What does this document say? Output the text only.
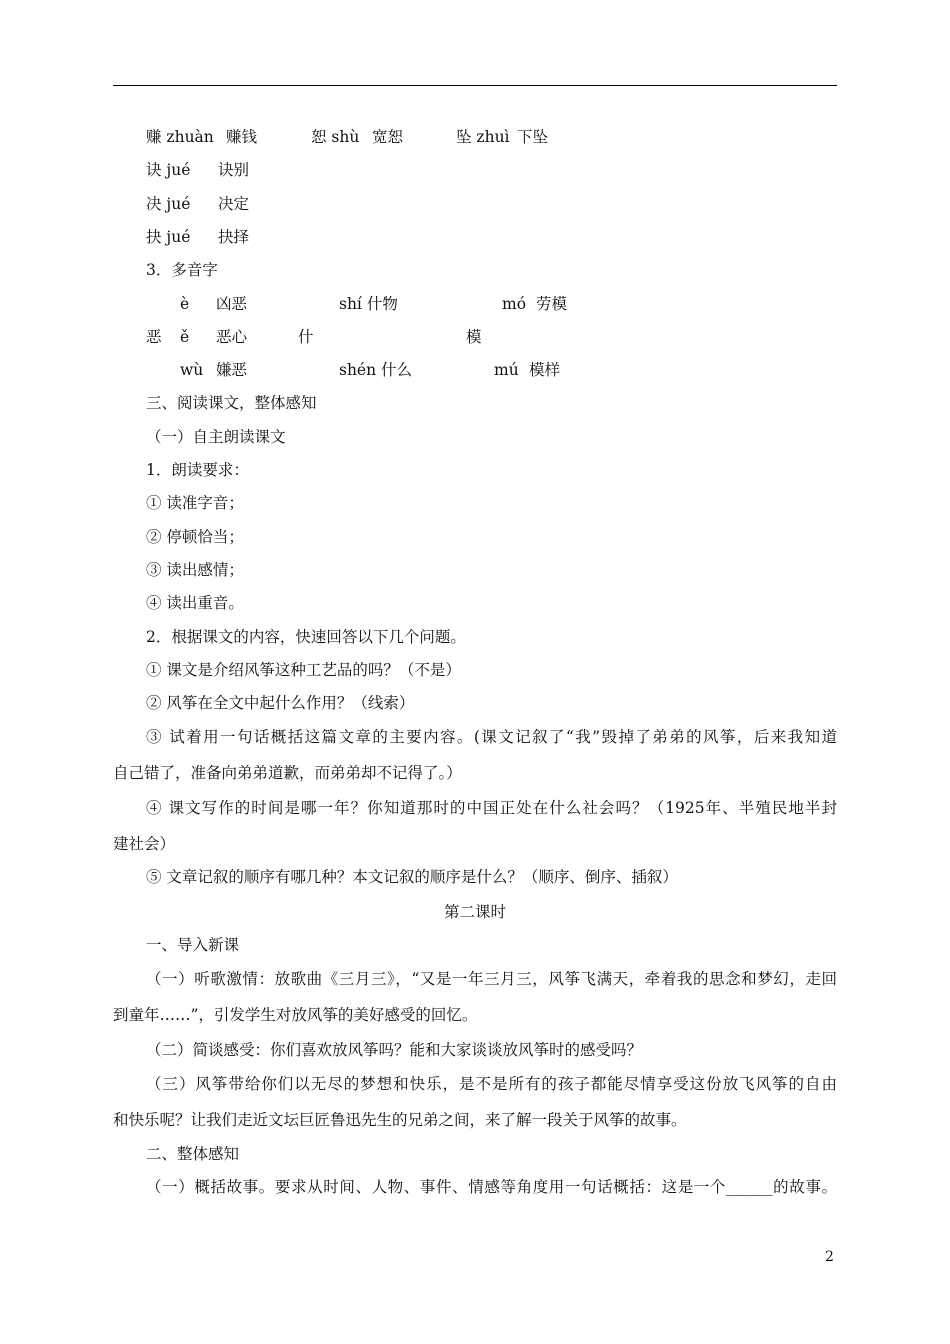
赚 zhuàn 赚钱	恕 shù 宽恕	坠 zhuì 下坠
诀 jué 诀别
决 jué 决定
抉 jué 抉择
3．多音字
è 凶恶	shí 什物	mó 劳模
恶 ě 恶心	什	模
wù 嫌恶	shén 什么	mú 模样
三、阅读课文，整体感知
（一）自主朗读课文
1．朗读要求：
① 读准字音；
② 停顿恰当；
③ 读出感情；
④ 读出重音。
2．根据课文的内容，快速回答以下几个问题。
① 课文是介绍风筝这种工艺品的吗？（不是）
② 风筝在全文中起什么作用？（线索）
③ 试着用一句话概括这篇文章的主要内容。(课文记叙了“我”毁掉了弟弟的风筝，后来我知道
自己错了，准备向弟弟道歉，而弟弟却不记得了。）
④ 课文写作的时间是哪一年？你知道那时的中国正处在什么社会吗？（1925年、半殖民地半封
建社会）
⑤ 文章记叙的顺序有哪几种？本文记叙的顺序是什么？（顺序、倒序、插叙）
第二课时
一、导入新课
（一）听歌激情：放歌曲《三月三》，“又是一年三月三，风筝飞满天，牵着我的思念和梦幻，走回
到童年……”，引发学生对放风筝的美好感受的回忆。
（二）简谈感受：你们喜欢放风筝吗？能和大家谈谈放风筝时的感受吗？
（三）风筝带给你们以无尽的梦想和快乐，是不是所有的孩子都能尽情享受这份放飞风筝的自由
和快乐呢？让我们走近文坛巨匠鲁迅先生的兄弟之间，来了解一段关于风筝的故事。
二、整体感知
（一）概括故事。要求从时间、人物、事件、情感等角度用一句话概括：这是一个______的故事。
2
